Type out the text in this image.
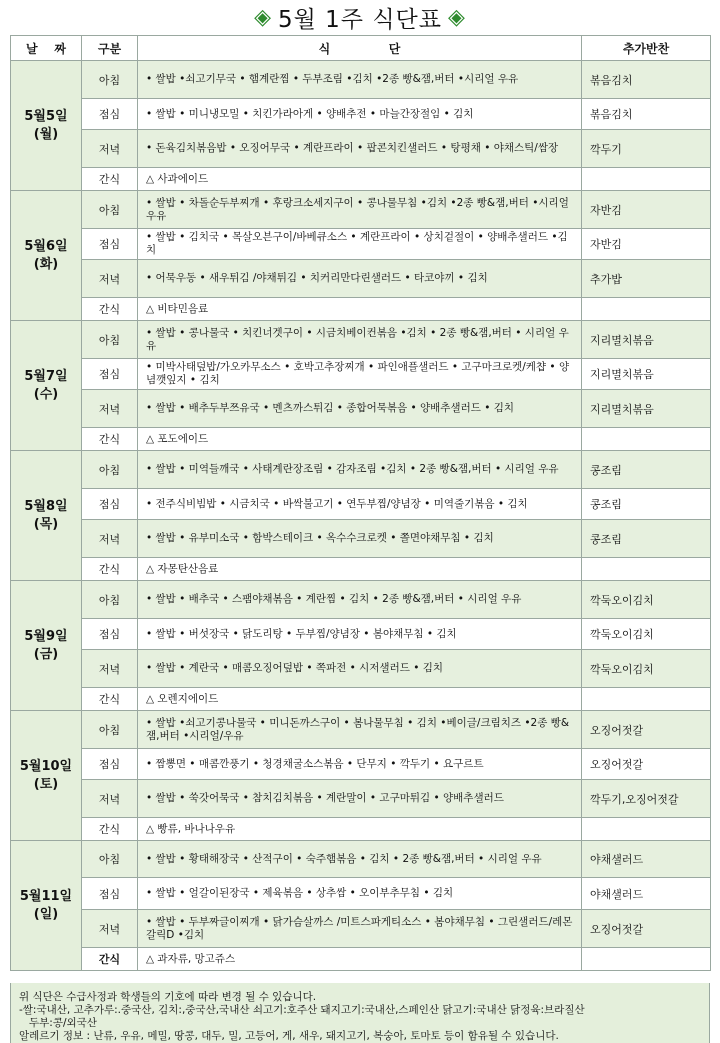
◈ 5월 1주 식단표 ◈
날    짜	구분	식              단	추가반찬

5월5일
(월)	아침	• 쌀밥 •쇠고기무국 • 햄계란찜 • 두부조림 •김치 •2종 빵&잼,버터 •시리얼 우유	볶음김치
	점심	• 쌀밥 • 미니냉모밀 • 치킨가라아게 • 양배추전 • 마늘간장절임 • 김치	볶음김치
	저녁	• 돈육김치볶음밥 • 오징어무국 • 계란프라이 • 팝콘치킨샐러드 • 탕평채 • 야채스틱/쌈장	깍두기
	간식	△ 사과에이드	

5월6일
(화)	아침	• 쌀밥 • 차돌순두부찌개 • 후랑크소세지구이 • 콩나물무침 •김치 •2종 빵&잼,버터 •시리얼 우유	자반김
	점심	• 쌀밥 • 김치국 • 목살오븐구이/바베큐소스 • 계란프라이 • 상치겉절이 • 양배추샐러드 •김치	자반김
	저녁	• 어묵우동 • 새우튀김 /야채튀김 • 치커리만다린샐러드 • 타코야끼 • 김치	추가밥
	간식	△ 비타민음료	

5월7일
(수)	아침	• 쌀밥 • 콩나물국 • 치킨너겟구이 • 시금치베이컨볶음 •김치 • 2종 빵&잼,버터 • 시리얼 우유	지리멸치볶음
	점심	• 미박사태덮밥/가오카무소스 • 호박고추장찌개 • 파인애플샐러드 • 고구마크로켓/케챱 • 양념깻잎지 • 김치	지리멸치볶음
	저녁	• 쌀밥 • 배추두부쯔유국 • 멘츠까스튀김 • 종합어묵볶음 • 양배추샐러드 • 김치	지리멸치볶음
	간식	△ 포도에이드	

5월8일
(목)	아침	• 쌀밥 • 미역들깨국 • 사태계란장조림 • 감자조림 •김치 • 2종 빵&잼,버터 • 시리얼 우유	콩조림
	점심	• 전주식비빔밥 • 시금치국 • 바싹불고기 • 연두부찜/양념장 • 미역줄기볶음 • 김치	콩조림
	저녁	• 쌀밥 • 유부미소국 • 함박스테이크 • 옥수수크로켓 • 쫄면야채무침 • 김치	콩조림
	간식	△ 자몽탄산음료	

5월9일
(금)	아침	• 쌀밥 • 배추국 • 스팸야채볶음 • 계란찜 • 김치 • 2종 빵&잼,버터 • 시리얼 우유	깍둑오이김치
	점심	• 쌀밥 • 버섯장국 • 닭도리탕 • 두부찜/양념장 • 봄야채무침 • 김치	깍둑오이김치
	저녁	• 쌀밥 • 계란국 • 매콤오징어덮밥 • 쪽파전 • 시저샐러드 • 김치	깍둑오이김치
	간식	△ 오렌지에이드	

5월10일
(토)	아침	• 쌀밥 •쇠고기콩나물국 • 미니돈까스구이 • 봄나물무침 • 김치 •베이글/크림치즈 •2종 빵&잼,버터 •시리얼/우유	오징어젓갈
	점심	• 짬뽕면 • 매콤깐풍기 • 청경채굴소스볶음 • 단무지 • 깍두기 • 요구르트	오징어젓갈
	저녁	• 쌀밥 • 쑥갓어묵국 • 참치김치볶음 • 계란말이 • 고구마튀김 • 양배추샐러드	깍두기,오징어젓갈
	간식	△ 빵류, 바나나우유	

5월11일
(일)	아침	• 쌀밥 • 황태해장국 • 산적구이 • 숙주햄볶음 • 김치 • 2종 빵&잼,버터 • 시리얼 우유	야채샐러드
	점심	• 쌀밥 • 얼갈이된장국 • 제육볶음 • 상추쌈 • 오이부추무침 • 김치	야채샐러드
	저녁	• 쌀밥 • 두부짜글이찌개 • 닭가슴살까스 /미트스파게티소스 • 봄야채무침 • 그린샐러드/레몬갈릭D •김치	오징어젓갈
	간식	△ 과자류, 망고쥬스	
위 식단은 수급사정과 학생들의 기호에 따라 변경 될 수 있습니다.
-쌀:국내산, 고추가루:.중국산, 김치:,중국산,국내산 쇠고기:호주산 돼지고기:국내산,스페인산 닭고기:국내산 닭정육:브라질산
두부:콩/외국산
알레르기 정보 : 난류, 우유, 메밀, 땅콩, 대두, 밀, 고등어, 게, 새우, 돼지고기, 복숭아, 토마토 등이 함유될 수 있습니다.
